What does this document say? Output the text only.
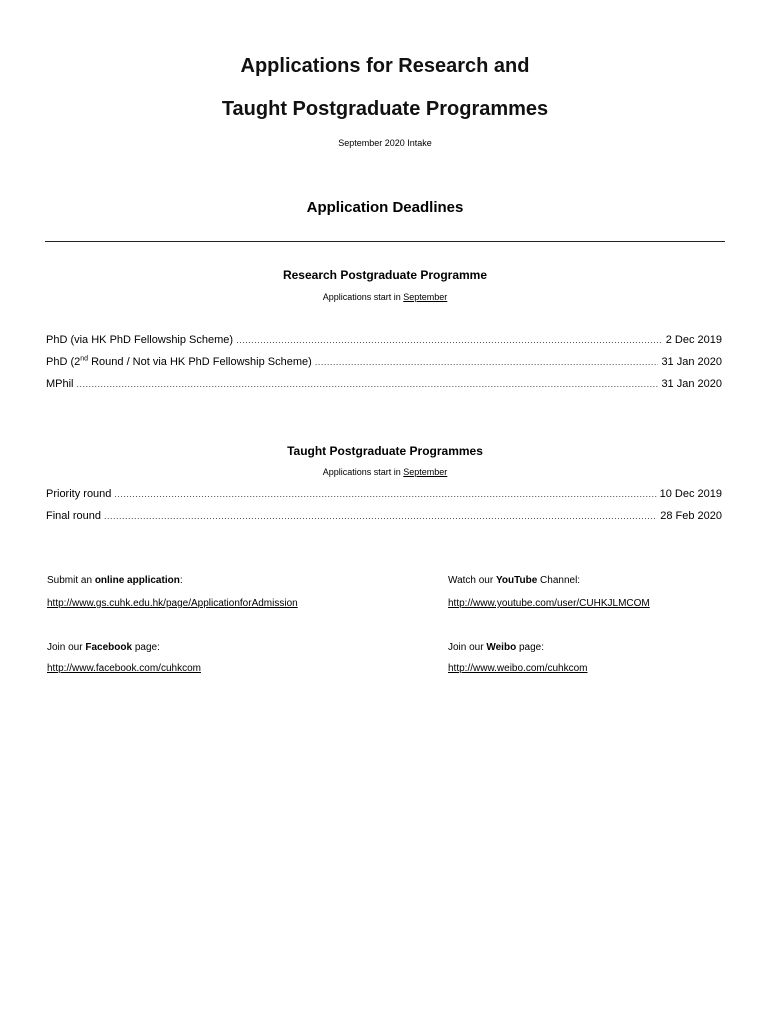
Applications for Research and
Taught Postgraduate Programmes
September 2020 Intake
Application Deadlines
Research Postgraduate Programme
Applications start in September
PhD (via HK PhD Fellowship Scheme) .....	2 Dec 2019
PhD (2nd Round / Not via HK PhD Fellowship Scheme) .....	31 Jan 2020
MPhil .....	31 Jan 2020
Taught Postgraduate Programmes
Applications start in September
Priority round .....	10 Dec 2019
Final round .....	28 Feb 2020
Submit an online application:
http://www.gs.cuhk.edu.hk/page/ApplicationforAdmission
Watch our YouTube Channel:
http://www.youtube.com/user/CUHKJLMCOM
Join our Facebook page:
http://www.facebook.com/cuhkcom
Join our Weibo page:
http://www.weibo.com/cuhkcom
